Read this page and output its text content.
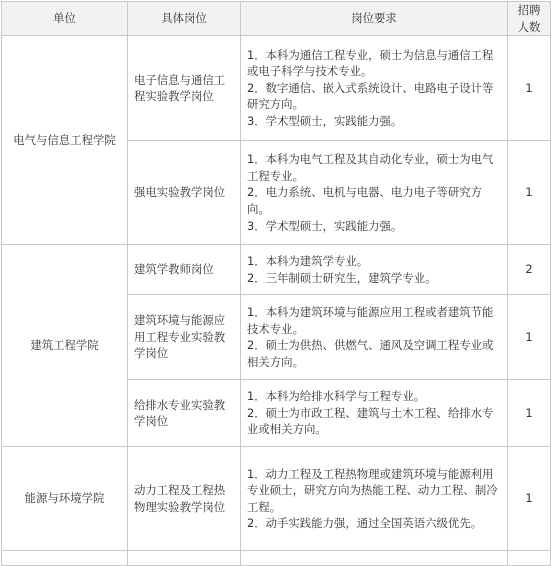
单位	具体岗位	岗位要求	招聘
人数

电气与信息工程学院	电子信息与通信工程实验教学岗位	1．本科为通信工程专业，硕士为信息与通信工程或电子科学与技术专业。
2．数字通信、嵌入式系统设计、电路电子设计等研究方向。
3．学术型硕士，实践能力强。	1
	强电实验教学岗位	1．本科为电气工程及其自动化专业，硕士为电气工程专业。
2．电力系统、电机与电器、电力电子等研究方向。
3．学术型硕士，实践能力强。	1
建筑工程学院	建筑学教师岗位	1．本科为建筑学专业。
2．三年制硕士研究生，建筑学专业。	2
	建筑环境与能源应用工程专业实验教学岗位	1．本科为建筑环境与能源应用工程或者建筑节能技术专业。
2．硕士为供热、供燃气、通风及空调工程专业或相关方向。	1
	给排水专业实验教学岗位	1．本科为给排水科学与工程专业。
2．硕士为市政工程、建筑与土木工程、给排水专业或相关方向。	1
能源与环境学院	动力工程及工程热物理实验教学岗位	1．动力工程及工程热物理或建筑环境与能源利用专业硕士，研究方向为热能工程、动力工程、制冷工程。
2．动手实践能力强，通过全国英语六级优先。	1
